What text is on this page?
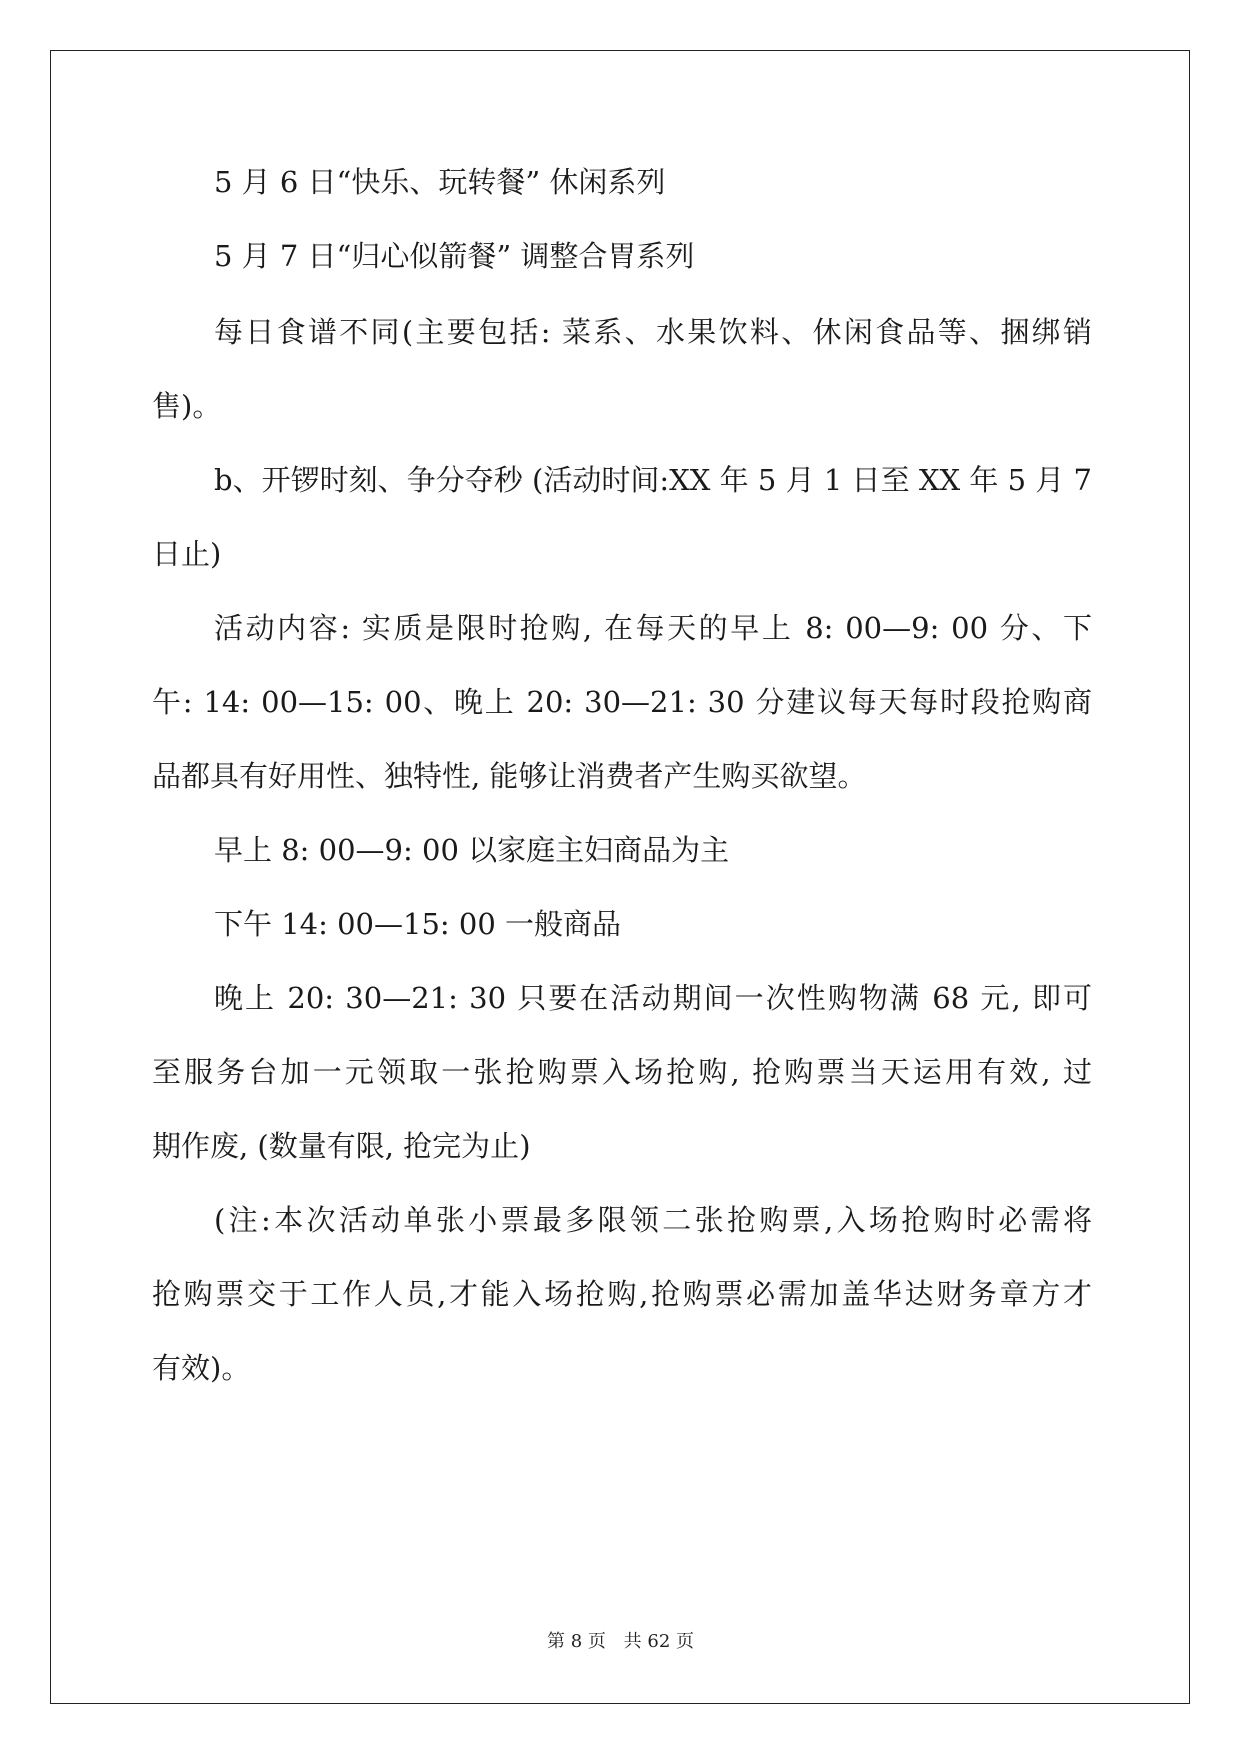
5 月 6 日“快乐、玩转餐” 休闲系列
5 月 7 日“归心似箭餐” 调整合胃系列
每日食谱不同(主要包括: 菜系、水果饮料、休闲食品等、捆绑销
售)。
b、开锣时刻、争分夺秒 (活动时间:XX 年 5 月 1 日至 XX 年 5 月 7
日止)
活动内容: 实质是限时抢购, 在每天的早上 8: 00—9: 00 分、下
午: 14: 00—15: 00、晚上 20: 30—21: 30 分建议每天每时段抢购商
品都具有好用性、独特性, 能够让消费者产生购买欲望。
早上 8: 00—9: 00 以家庭主妇商品为主
下午 14: 00—15: 00 一般商品
晚上 20: 30—21: 30 只要在活动期间一次性购物满 68 元, 即可
至服务台加一元领取一张抢购票入场抢购, 抢购票当天运用有效, 过
期作废, (数量有限, 抢完为止)
(注:本次活动单张小票最多限领二张抢购票,入场抢购时必需将
抢购票交于工作人员,才能入场抢购,抢购票必需加盖华达财务章方才
有效)。
第 8 页 共 62 页
